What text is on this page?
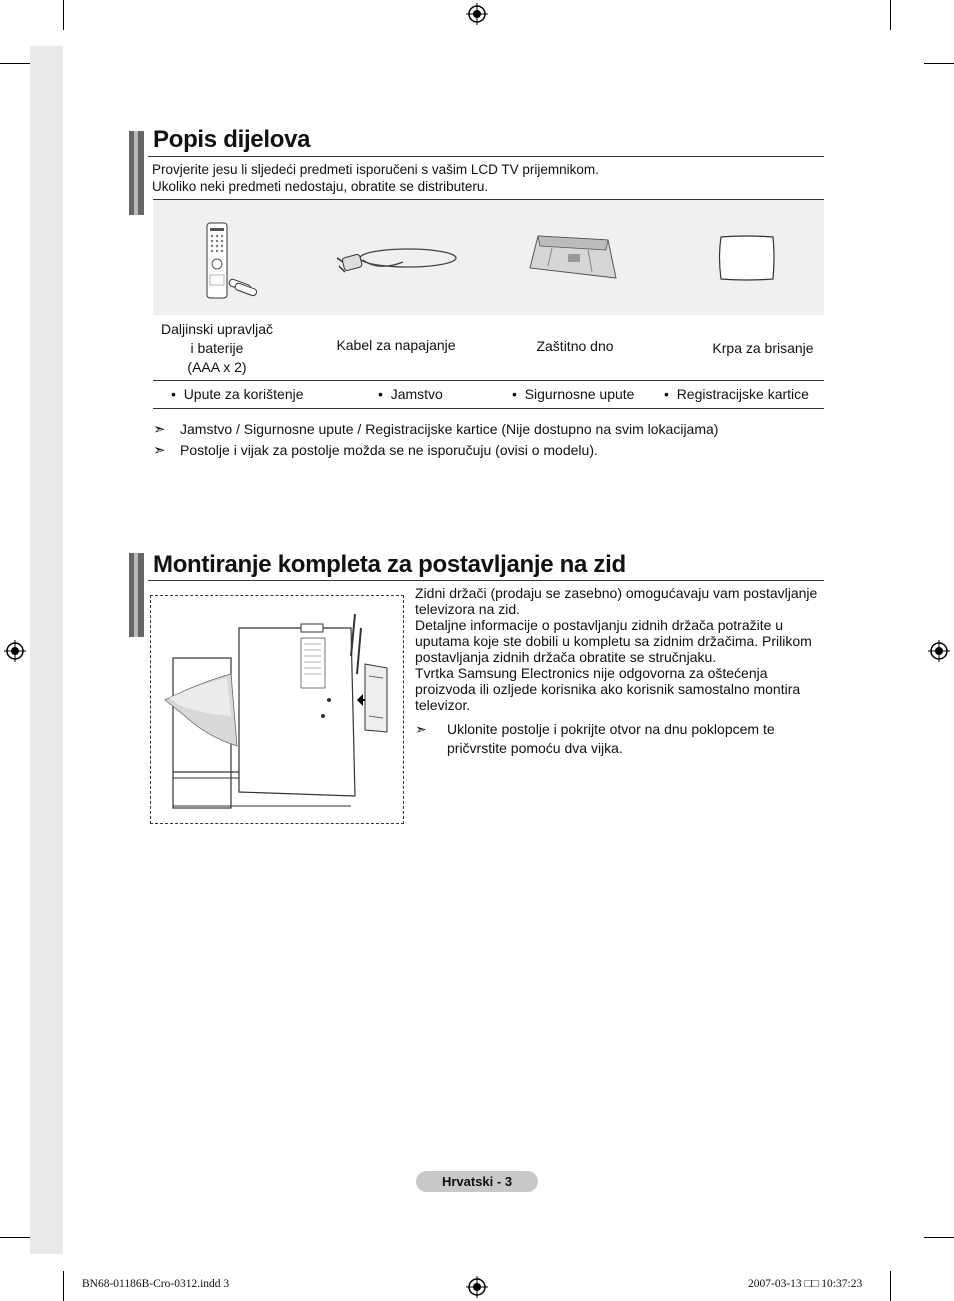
Popis dijelova
Provjerite jesu li sljedeći predmeti isporučeni s vašim LCD TV prijemnikom.
Ukoliko neki predmeti nedostaju, obratite se distributeru.
Daljinski upravljač
i baterije
(AAA x 2)
Kabel za napajanje	Zaštitno dno	Krpa za brisanje
• Upute za korištenje	• Jamstvo	• Sigurnosne upute • Registracijske kartice
➣ Jamstvo / Sigurnosne upute / Registracijske kartice (Nije dostupno na svim lokacijama)
➣ Postolje i vijak za postolje možda se ne isporučuju (ovisi o modelu).
Montiranje kompleta za postavljanje na zid

Zidni držači (prodaju se zasebno) omogućavaju vam postavljanje televizora na zid.

Detaljne informacije o postavljanju zidnih držača potražite u uputama koje ste dobili u kompletu sa zidnim držačima. Prilikom postavljanja zidnih držača obratite se stručnjaku.

Tvrtka Samsung Electronics nije odgovorna za oštećenja proizvoda ili ozljede korisnika ako korisnik samostalno montira televizor.

➣ Uklonite postolje i pokrijte otvor na dnu poklopcem te pričvrstite pomoću dva vijka.
Hrvatski - 3
BN68-01186B-Cro-0312.indd 3	2007-03-13 □□ 10:37:23
